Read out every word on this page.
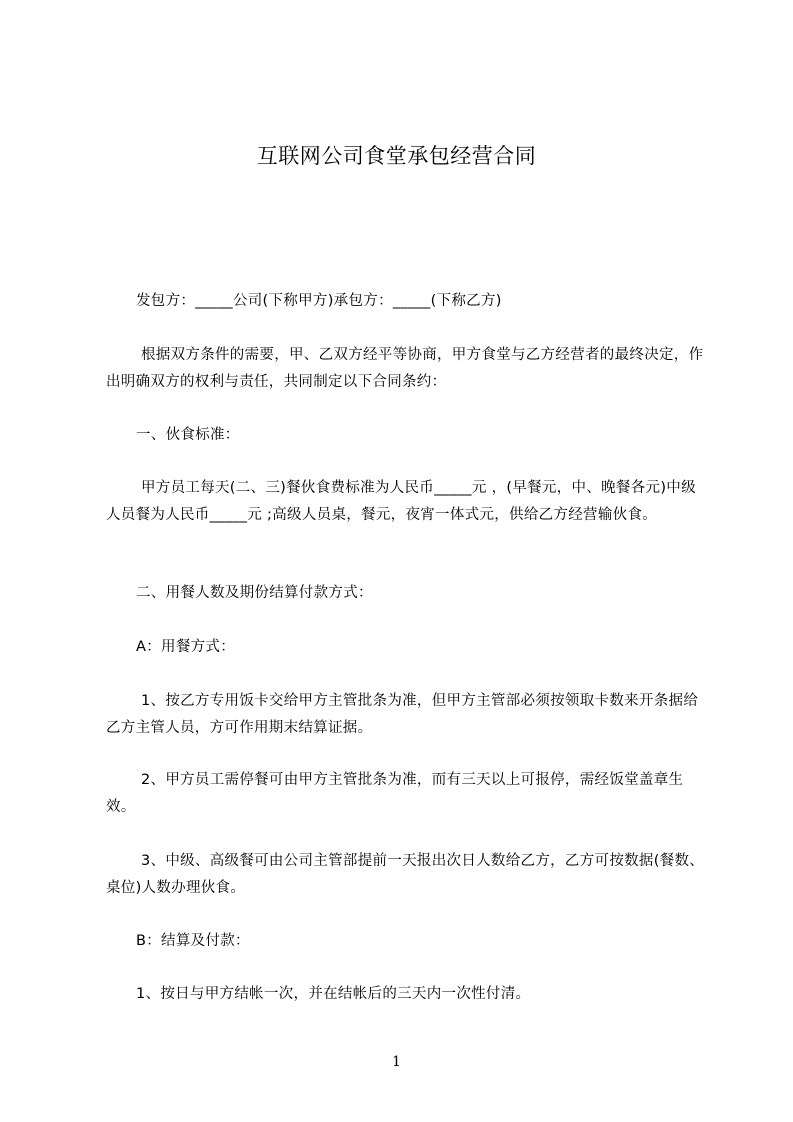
互联网公司食堂承包经营合同
发包方：_____公司(下称甲方)承包方：_____(下称乙方)
根据双方条件的需要，甲、乙双方经平等协商，甲方食堂与乙方经营者的最终决定，作出明确双方的权利与责任，共同制定以下合同条约：
一、伙食标准：
甲方员工每天(二、三)餐伙食费标准为人民币_____元 ，(早餐元，中、晚餐各元)中级人员餐为人民币_____元 ;高级人员桌，餐元，夜宵一体式元，供给乙方经营输伙食。
二、用餐人数及期份结算付款方式：
A：用餐方式：
1、按乙方专用饭卡交给甲方主管批条为准，但甲方主管部必须按领取卡数来开条据给乙方主管人员，方可作用期末结算证据。
2、甲方员工需停餐可由甲方主管批条为准，而有三天以上可报停，需经饭堂盖章生效。
3、中级、高级餐可由公司主管部提前一天报出次日人数给乙方，乙方可按数据(餐数、桌位)人数办理伙食。
B：结算及付款：
1、按日与甲方结帐一次，并在结帐后的三天内一次性付清。
1
